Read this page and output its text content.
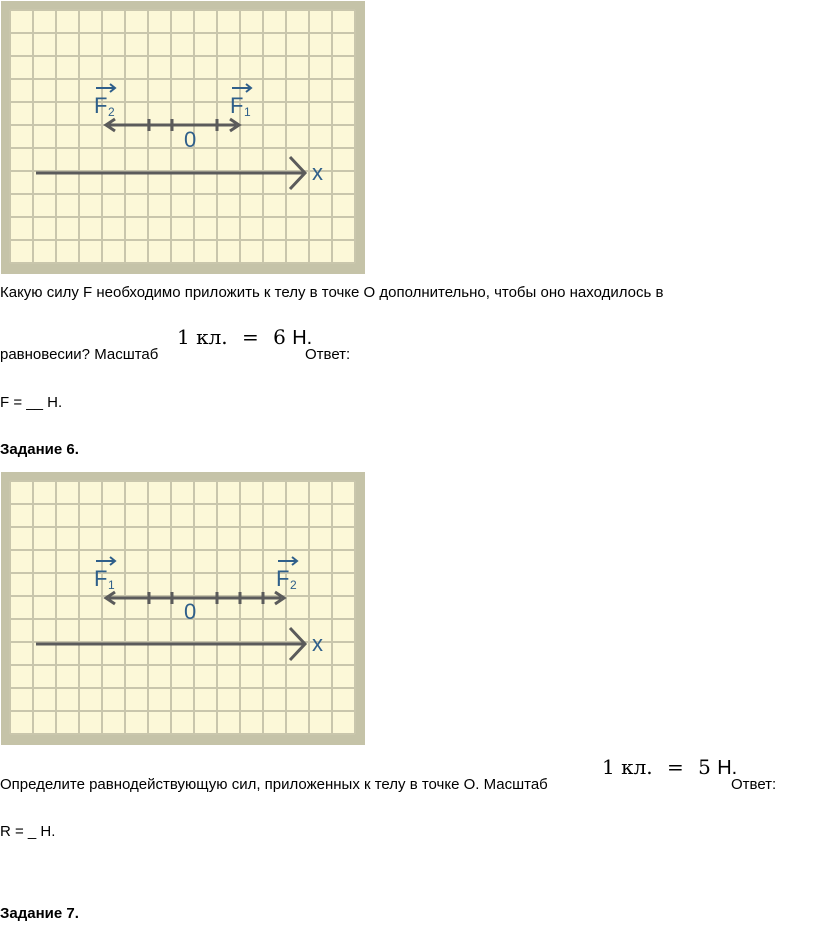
x
0
F 2	F 1
Какую силу F необходимо приложить к телу в точке O дополнительно, чтобы оно находилось в
равновесии? Масштаб
1 кл. = 6 Н.
Ответ:
F = __ Н.
Задание 6.
x
0
F 1	F 2
Определите равнодействующую сил, приложенных к телу в точке O. Масштаб
1 кл. = 5 Н.
Ответ:
R = _ Н.
Задание 7.
